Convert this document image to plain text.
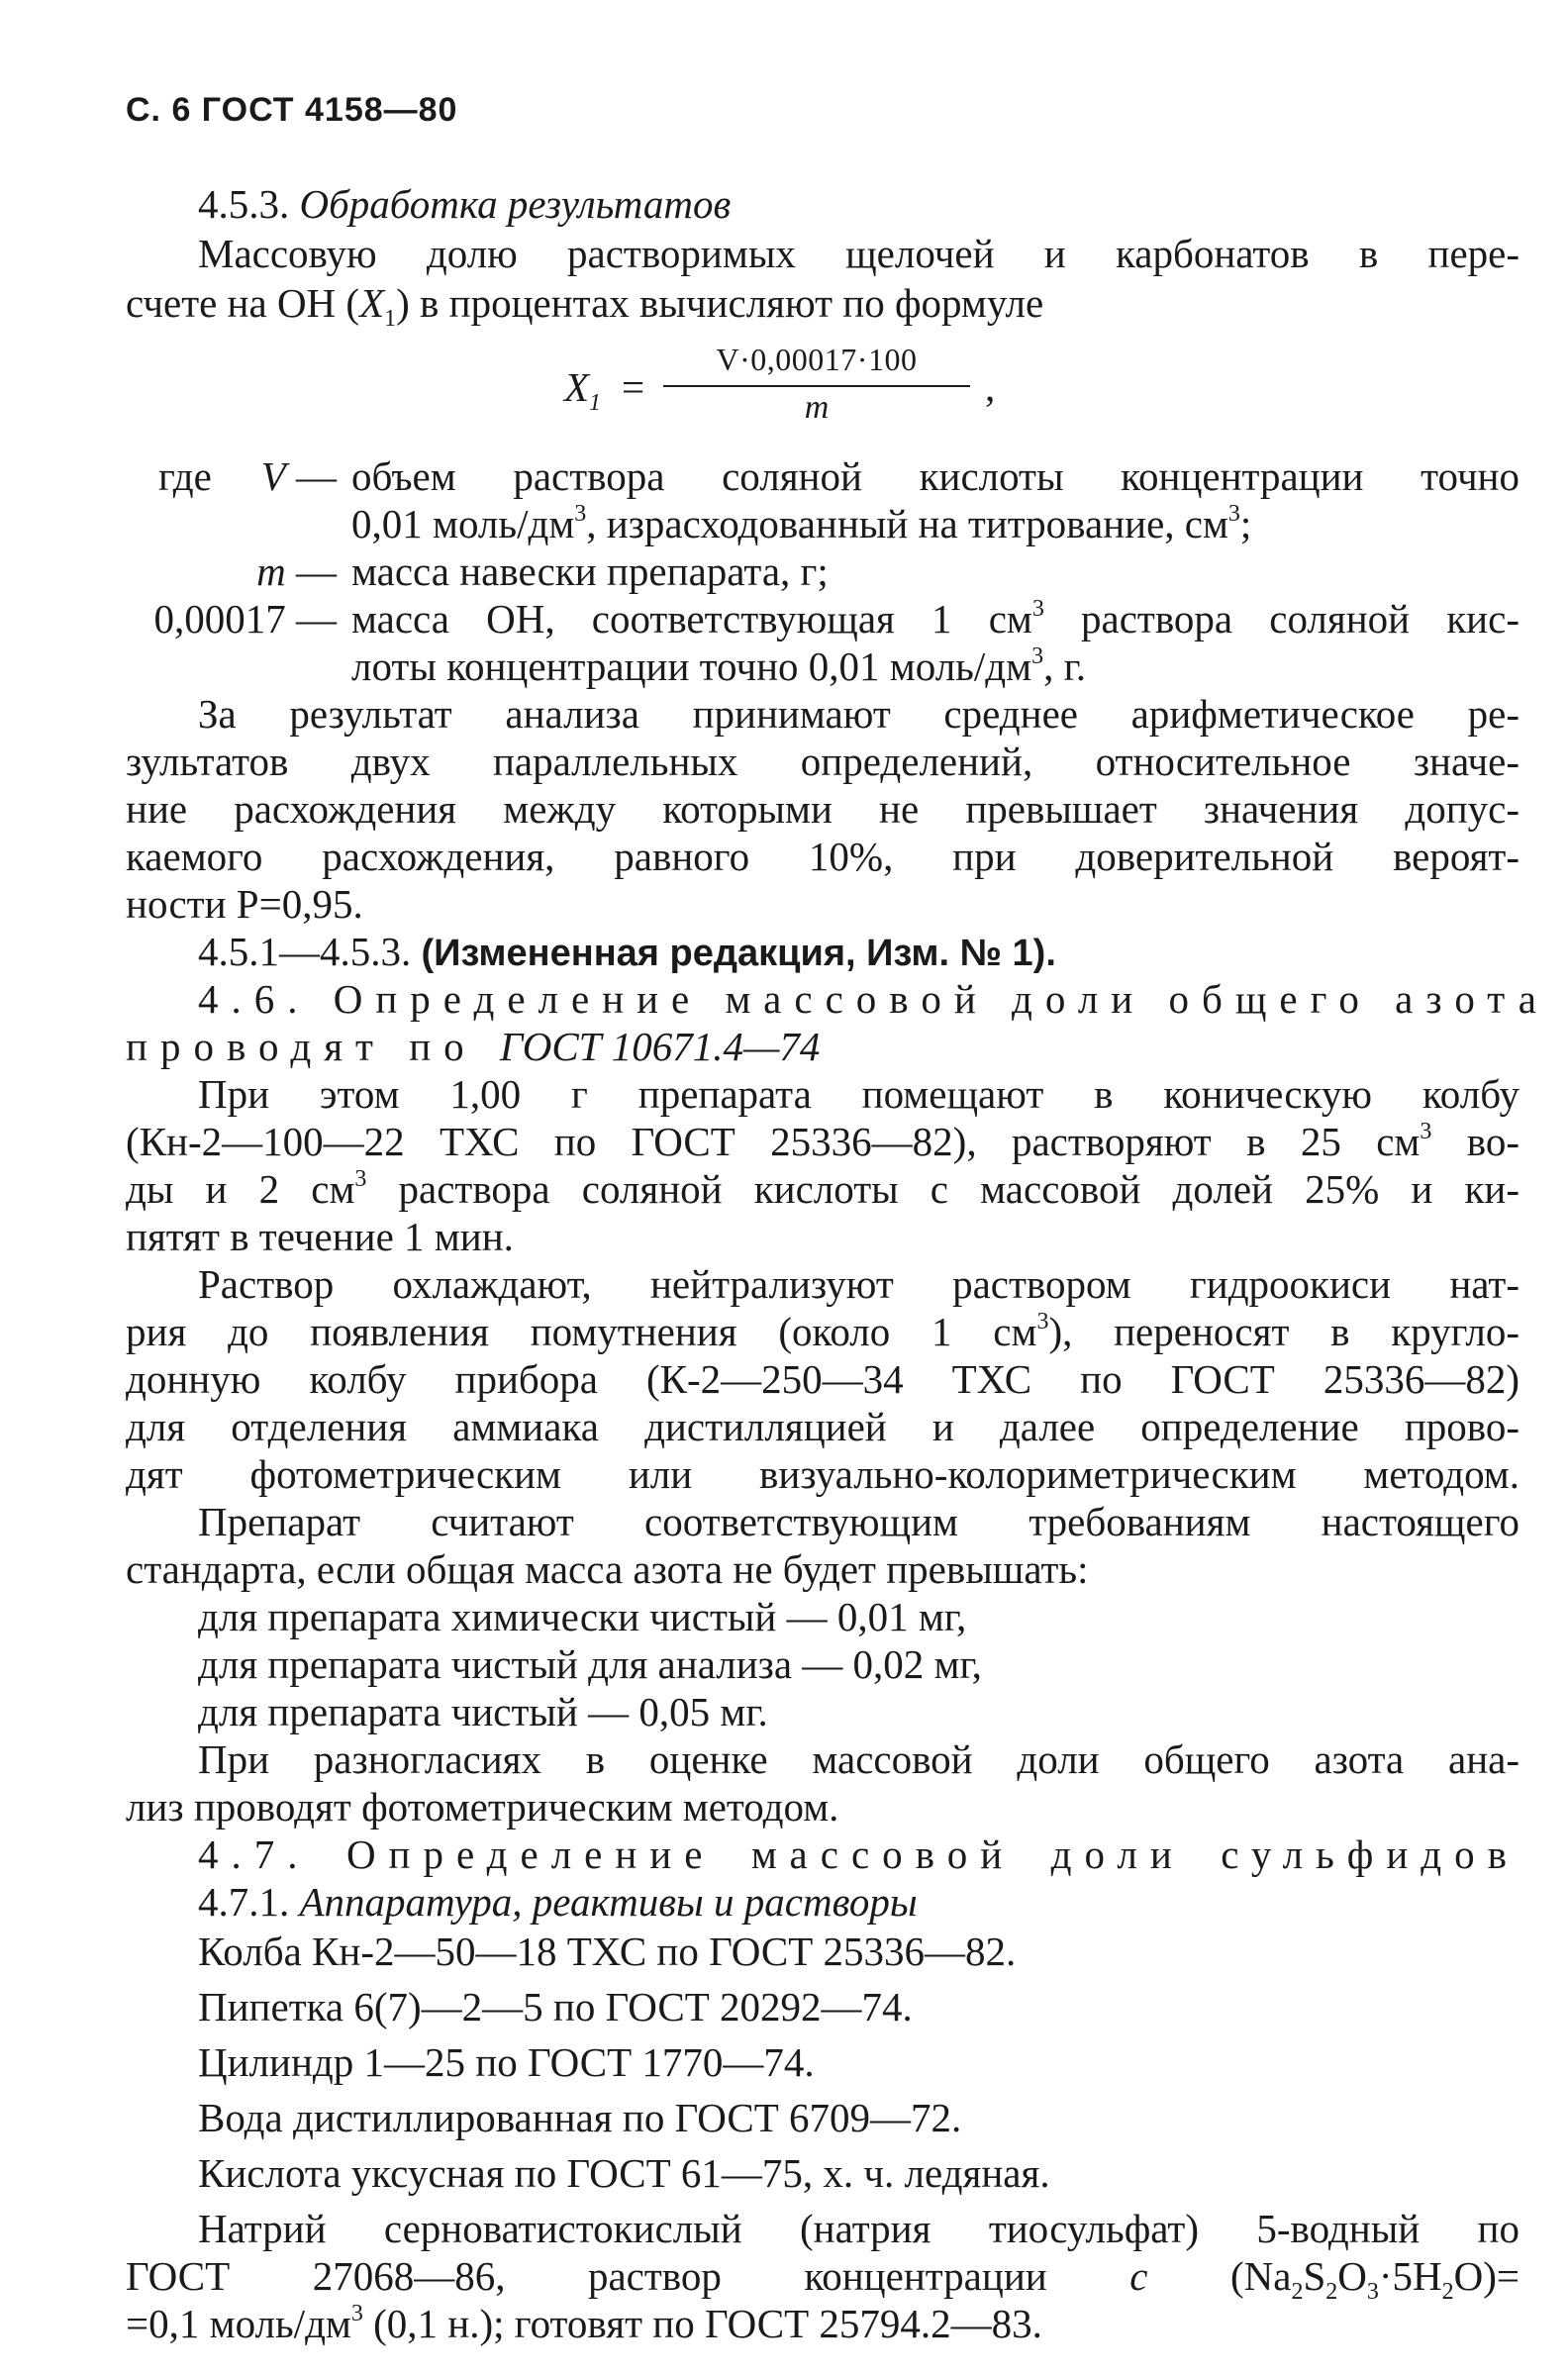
С. 6 ГОСТ 4158—80
4.5.3. Обработка результатов
Массовую долю растворимых щелочей и карбонатов в пере-
счете на ОН $(X_1)$ в процентах вычисляют по формуле
$X_1$ =
V·0,00017·100
m	,
где	V — объем раствора соляной кислоты концентрации точно
0,01 моль/$дм^3$, израсходованный на титрование, $см^3$;
m — масса навески препарата, г;
0,00017 — масса ОН, соответствующая 1 $см^3$ раствора соляной кис-
лоты концентрации точно 0,01 моль/$дм^3$, г.
За результат анализа принимают среднее арифметическое ре-
зультатов двух параллельных определений, относительное значе-
ние расхождения между которыми не превышает значения допус-
каемого расхождения, равного 10%, при доверительной вероят-
ности P=0,95.
4.5.1—4.5.3. (Измененная редакция, Изм. № 1).
4.6. Определение массовой доли общего азота
проводят по ГОСТ 10671.4—74
При этом 1,00 г препарата помещают в коническую колбу
(Кн-2—100—22 ТХС по ГОСТ 25336—82), растворяют в 25 $см^3$ во-
ды и 2 $см^3$ раствора соляной кислоты с массовой долей 25% и ки-
пятят в течение 1 мин.
Раствор охлаждают, нейтрализуют раствором гидроокиси нат-
рия до появления помутнения (около 1 $см^3$), переносят в кругло-
донную колбу прибора (К-2—250—34 ТХС по ГОСТ 25336—82)
для отделения аммиака дистилляцией и далее определение прово-
дят фотометрическим или визуально-колориметрическим методом.
Препарат считают соответствующим требованиям настоящего
стандарта, если общая масса азота не будет превышать:
для препарата химически чистый — 0,01 мг,
для препарата чистый для анализа — 0,02 мг,
для препарата чистый — 0,05 мг.
При разногласиях в оценке массовой доли общего азота ана-
лиз проводят фотометрическим методом.
4.7. Определение массовой доли сульфидов
4.7.1. Аппаратура, реактивы и растворы
Колба Кн-2—50—18 ТХС по ГОСТ 25336—82.
Пипетка 6(7)—2—5 по ГОСТ 20292—74.
Цилиндр 1—25 по ГОСТ 1770—74.
Вода дистиллированная по ГОСТ 6709—72.
Кислота уксусная по ГОСТ 61—75, х. ч. ледяная.
Натрий серноватистокислый (натрия тиосульфат) 5-водный по
ГОСТ 27068—86, раствор концентрации c $(Na_2S_2O_3\cdot 5H_2O)=$
=0,1 моль/$дм^3$ (0,1 н.); готовят по ГОСТ 25794.2—83.
